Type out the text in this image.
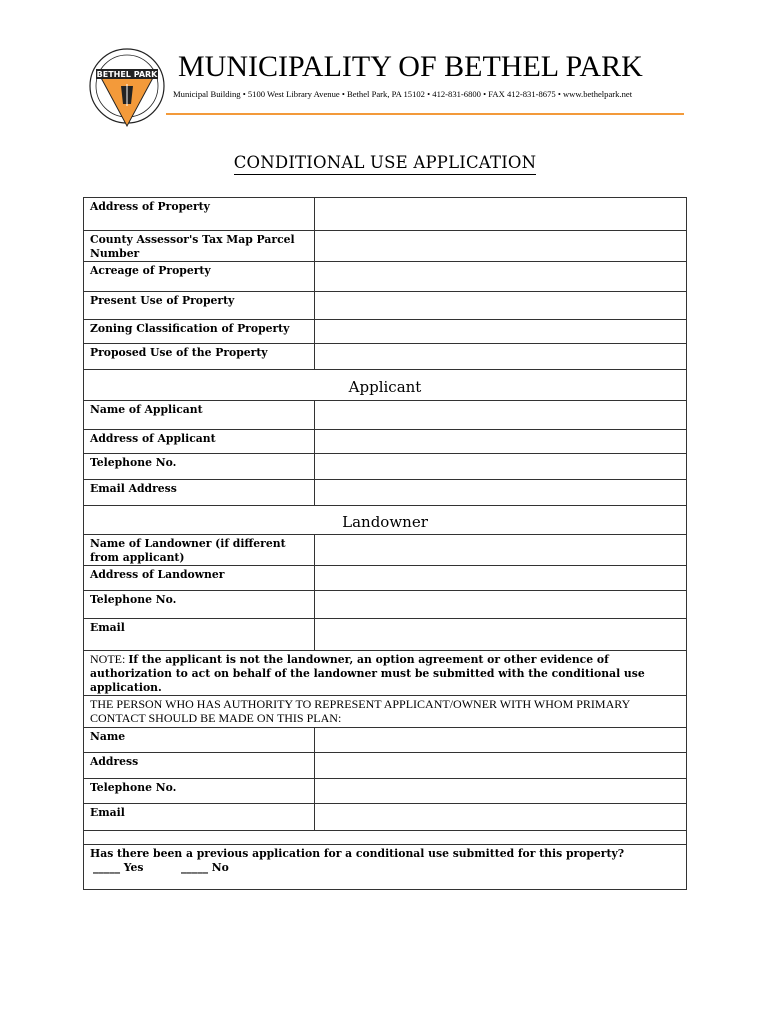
BETHEL PARK MUNICIPALITY OF BETHEL PARK
Municipal Building • 5100 West Library Avenue • Bethel Park, PA 15102 • 412-831-6800 • FAX 412-831-8675 • www.bethelpark.net
CONDITIONAL USE APPLICATION
Address of Property	
County Assessor's Tax Map Parcel Number	
Acreage of Property	
Present Use of Property	
Zoning Classification of Property	
Proposed Use of the Property	
Applicant	
Name of Applicant	
Address of Applicant	
Telephone No.	
Email Address	
Landowner	
Name of Landowner (if different from applicant)	
Address of Landowner	
Telephone No.	
Email	
NOTE: If the applicant is not the landowner, an option agreement or other evidence of authorization to act on behalf of the landowner must be submitted with the conditional use application.	
THE PERSON WHO HAS AUTHORITY TO REPRESENT APPLICANT/OWNER WITH WHOM PRIMARY CONTACT SHOULD BE MADE ON THIS PLAN:	
Name	
Address	
Telephone No.	
Email	

Has there been a previous application for a conditional use submitted for this property?
_____ Yes _____ No	
